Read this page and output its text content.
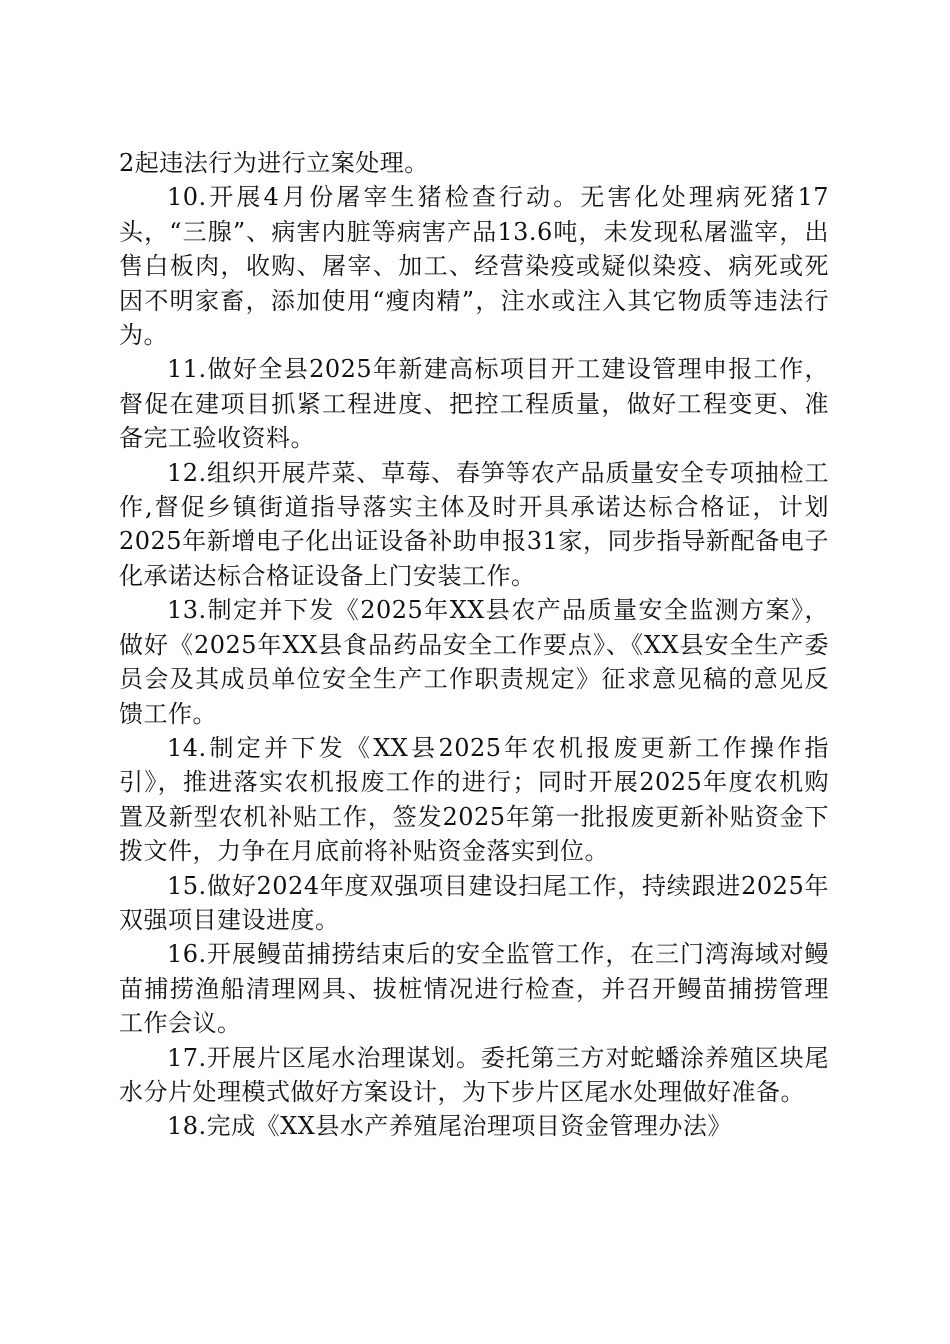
2起违法行为进行立案处理。

10.开展4月份屠宰生猪检查行动。无害化处理病死猪17头，“三腺”、病害内脏等病害产品13.6吨，未发现私屠滥宰，出售白板肉，收购、屠宰、加工、经营染疫或疑似染疫、病死或死因不明家畜，添加使用“瘦肉精”，注水或注入其它物质等违法行为。

11.做好全县2025年新建高标项目开工建设管理申报工作，督促在建项目抓紧工程进度、把控工程质量，做好工程变更、准备完工验收资料。

12.组织开展芹菜、草莓、春笋等农产品质量安全专项抽检工作,督促乡镇街道指导落实主体及时开具承诺达标合格证，计划2025年新增电子化出证设备补助申报31家，同步指导新配备电子化承诺达标合格证设备上门安装工作。

13.制定并下发《2025年XX县农产品质量安全监测方案》，做好《2025年XX县食品药品安全工作要点》、《XX县安全生产委员会及其成员单位安全生产工作职责规定》征求意见稿的意见反馈工作。

14.制定并下发《XX县2025年农机报废更新工作操作指引》，推进落实农机报废工作的进行；同时开展2025年度农机购置及新型农机补贴工作，签发2025年第一批报废更新补贴资金下拨文件，力争在月底前将补贴资金落实到位。

15.做好2024年度双强项目建设扫尾工作，持续跟进2025年双强项目建设进度。

16.开展鳗苗捕捞结束后的安全监管工作，在三门湾海域对鳗苗捕捞渔船清理网具、拔桩情况进行检查，并召开鳗苗捕捞管理工作会议。

17.开展片区尾水治理谋划。委托第三方对蛇蟠涂养殖区块尾水分片处理模式做好方案设计，为下步片区尾水处理做好准备。

18.完成《XX县水产养殖尾治理项目资金管理办法》
